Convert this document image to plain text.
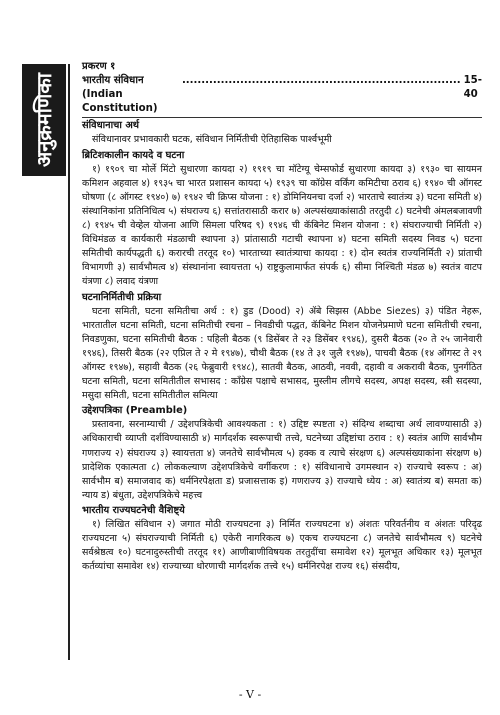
अनुक्रमणिका
प्रकरण १
भारतीय संविधान (Indian Constitution)
........................................................................ 15-40
संविधानाचा अर्थ
संविधानावर प्रभावकारी घटक, संविधान निर्मितीची ऐतिहासिक पार्श्वभूमी
ब्रिटिशकालीन कायदे व घटना
१) १९०९ चा मोर्ले मिंटो सुधारणा कायदा २) १९१९ चा मॉटेग्यू चेम्सफोर्ड सुधारणा कायदा ३) १९३० चा सायमन कमिशन अहवाल ४) १९३५ चा भारत प्रशासन कायदा ५) १९३९ चा कॉग्रेस वर्किंग कमिटीचा ठराव ६) १९४० ची ऑगस्ट घोषणा (८ ऑगस्ट १९४०) ७) १९४२ ची क्रिप्स योजना : १) डोमिनियनचा दर्जा २) भारताचे स्वातंत्र्य ३) घटना समिती ४) संस्थानिकांना प्रतिनिधित्व ५) संघराज्य ६) सत्तांतरासाठी करार ७) अल्पसंख्याकांसाठी तरतुदी ८) घटनेची अंमलबजावणी ८) १९४५ ची वेव्हेल योजना आणि सिमला परिषद ९) १९४६ ची कॅबिनेट मिशन योजना : १) संघराज्याची निर्मिती २) विधिमंडळ व कार्यकारी मंडळाची स्थापना ३) प्रांतासाठी गटाची स्थापना ४) घटना समिती सदस्य निवड ५) घटना समितीची कार्यपद्धती ६) करारची तरतूद १०) भारताच्या स्वातंत्र्याचा कायदा : १) दोन स्वतंत्र राज्यनिर्मिती २) प्रांताची विभागणी ३) सार्वभौमत्व ४) संस्थानांना स्वायत्तता ५) राष्ट्रकुलामार्फत संपर्क ६) सीमा निश्चिती मंडळ ७) स्वतंत्र वाटप यंत्रणा ८) लवाद यंत्रणा
घटनानिर्मितीची प्रक्रिया
घटना समिती, घटना समितीचा अर्थ : १) डुड (Dood) २) ॲबे सिझस (Abbe Siezes) ३) पंडित नेहरू, भारतातील घटना समिती, घटना समितीची रचना – निवडीची पद्धत, कॅबिनेट मिशन योजनेप्रमाणे घटना समितीची रचना, निवडणुका, घटना समितीची बैठक : पहिली बैठक (९ डिसेंबर ते २३ डिसेंबर १९४६), दुसरी बैठक (२० ते २५ जानेवारी १९४६), तिसरी बैठक (२२ एप्रिल ते २ मे १९४७), चौथी बैठक (१४ ते ३१ जुलै १९४७), पाचवी बैठक (१४ ऑगस्ट ते २९ ऑगस्ट १९४७), सहावी बैठक (२६ फेब्रुवारी १९४८), सातवी बैठक, आठवी, नववी, दहावी व अकरावी बैठक, पुनर्गठित घटना समिती, घटना समितीतील सभासद : कॉंग्रेस पक्षाचे सभासद, मुस्लीम लीगचे सदस्य, अपक्ष सदस्य, स्त्री सदस्या, मसुदा समिती, घटना समितीतील समित्या
उद्देशपत्रिका (Preamble)
प्रस्तावना, सरनाम्याची / उद्देशपत्रिकेची आवश्यकता : १) उद्दिष्ट स्पष्टता २) संदिग्ध शब्दाचा अर्थ लावण्यासाठी ३) अधिकाराची व्याप्ती दर्शविण्यासाठी ४) मार्गदर्शक स्वरूपाची तत्त्वे, घटनेच्या उद्दिष्टांचा ठराव : १) स्वतंत्र आणि सार्वभौम गणराज्य २) संघराज्य ३) स्वायत्तता ४) जनतेचे सार्वभौमत्व ५) हक्क व त्याचे संरक्षण ६) अल्पसंख्याकांना संरक्षण ७) प्रादेशिक एकात्मता ८) लोककल्याण उद्देशपत्रिकेचे वर्गीकरण : १) संविधानाचे उगमस्थान २) राज्याचे स्वरूप : अ) सार्वभौम ब) समाजवाद क) धर्मनिरपेक्षता ड) प्रजासत्ताक इ) गणराज्य ३) राज्याचे ध्येय : अ) स्वातंत्र्य ब) समता क) न्याय ड) बंधुता, उद्देशपत्रिकेचे महत्त्व
भारतीय राज्यघटनेची वैशिष्ट्ये
१) लिखित संविधान २) जगात मोठी राज्यघटना ३) निर्मित राज्यघटना ४) अंशतः परिवर्तनीय व अंशतः परिदृढ राज्यघटना ५) संघराज्याची निर्मिती ६) एकेरी नागरिकत्व ७) एकच राज्यघटना ८) जनतेचे सार्वभौमत्व ९) घटनेचे सर्वश्रेष्ठत्व १०) घटनादुरुस्तीची तरतूद ११) आणीबाणीविषयक तरतुदींचा समावेश १२) मूलभूत अधिकार १३) मूलभूत कर्तव्यांचा समावेश १४) राज्याच्या धोरणाची मार्गदर्शक तत्त्वे १५) धर्मनिरपेक्ष राज्य १६) संसदीय,
- V -
